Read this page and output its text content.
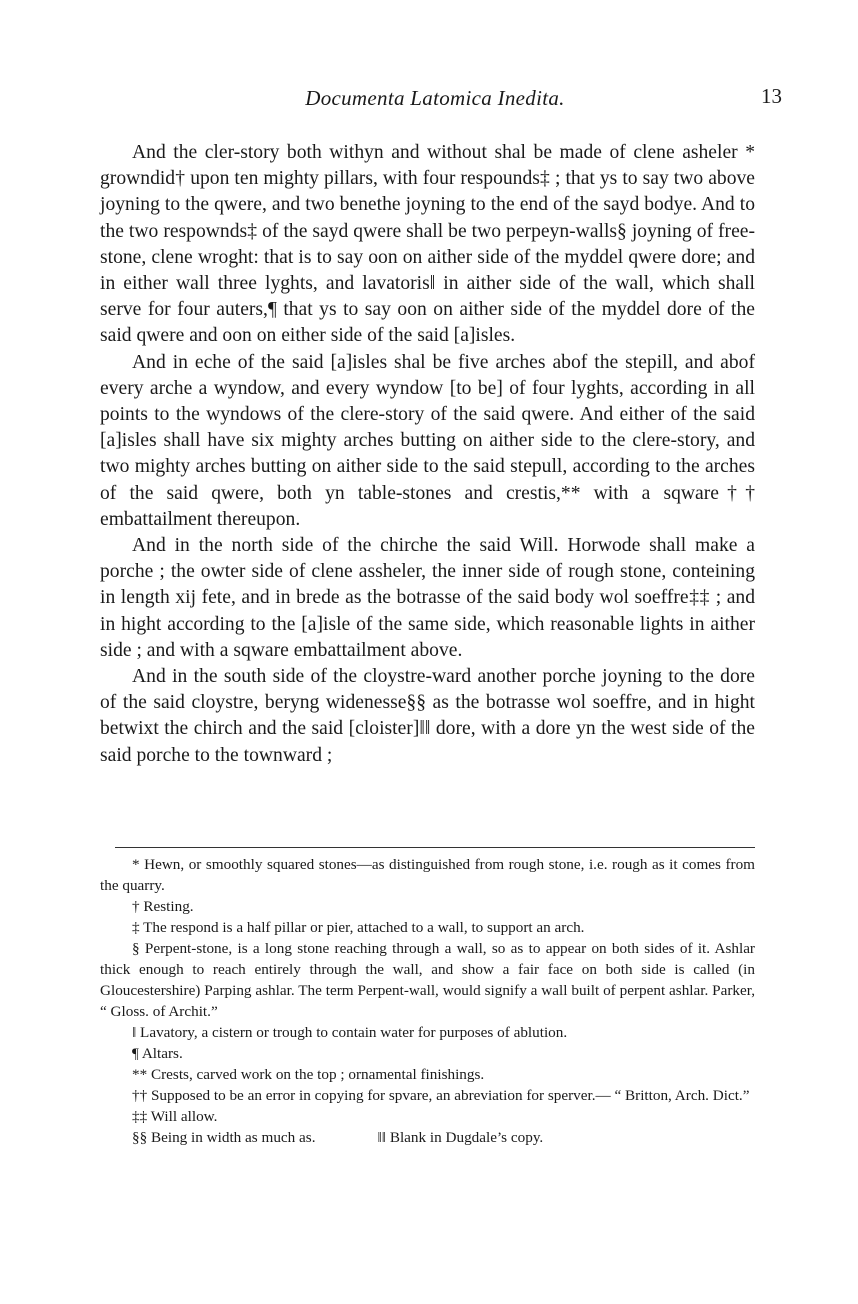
Documenta Latomica Inedita.	13

And the cler-story both withyn and without shal be made of clene asheler * growndid† upon ten mighty pillars, with four respounds‡ ; that ys to say two above joyning to the qwere, and two benethe joyning to the end of the sayd bodye. And to the two respownds‡ of the sayd qwere shall be two perpeyn-walls§ joyning of free-stone, clene wroght: that is to say oon on aither side of the myddel qwere dore; and in either wall three lyghts, and lavatoris‖ in aither side of the wall, which shall serve for four auters,¶ that ys to say oon on aither side of the myddel dore of the said qwere and oon on either side of the said [a]isles.

And in eche of the said [a]isles shal be five arches abof the stepill, and abof every arche a wyndow, and every wyndow [to be] of four lyghts, according in all points to the wyndows of the clere-story of the said qwere. And either of the said [a]isles shall have six mighty arches butting on aither side to the clere-story, and two mighty arches butting on aither side to the said stepull, according to the arches of the said qwere, both yn table-stones and crestis,** with a sqware†† embattailment thereupon.

And in the north side of the chirche the said Will. Horwode shall make a porche ; the owter side of clene assheler, the inner side of rough stone, conteining in length xij fete, and in brede as the botrasse of the said body wol soeffre‡‡ ; and in hight according to the [a]isle of the same side, which reasonable lights in aither side ; and with a sqware embattailment above.

And in the south side of the cloystre-ward another porche joyning to the dore of the said cloystre, beryng widenesse§§ as the botrasse wol soeffre, and in hight betwixt the chirch and the said [cloister]‖‖ dore, with a dore yn the west side of the said porche to the townward ;

* Hewn, or smoothly squared stones—as distinguished from rough stone, i.e. rough as it comes from the quarry.

† Resting.

‡ The respond is a half pillar or pier, attached to a wall, to support an arch.

§ Perpent-stone, is a long stone reaching through a wall, so as to appear on both sides of it. Ashlar thick enough to reach entirely through the wall, and show a fair face on both side is called (in Gloucestershire) Parping ashlar. The term Perpent-wall, would signify a wall built of perpent ashlar. Parker, “ Gloss. of Archit.”

‖ Lavatory, a cistern or trough to contain water for purposes of ablution.

¶ Altars.

** Crests, carved work on the top ; ornamental finishings.

†† Supposed to be an error in copying for spvare, an abreviation for sperver.— “ Britton, Arch. Dict.”

‡‡ Will allow.

§§ Being in width as much as.	‖‖ Blank in Dugdale’s copy.
